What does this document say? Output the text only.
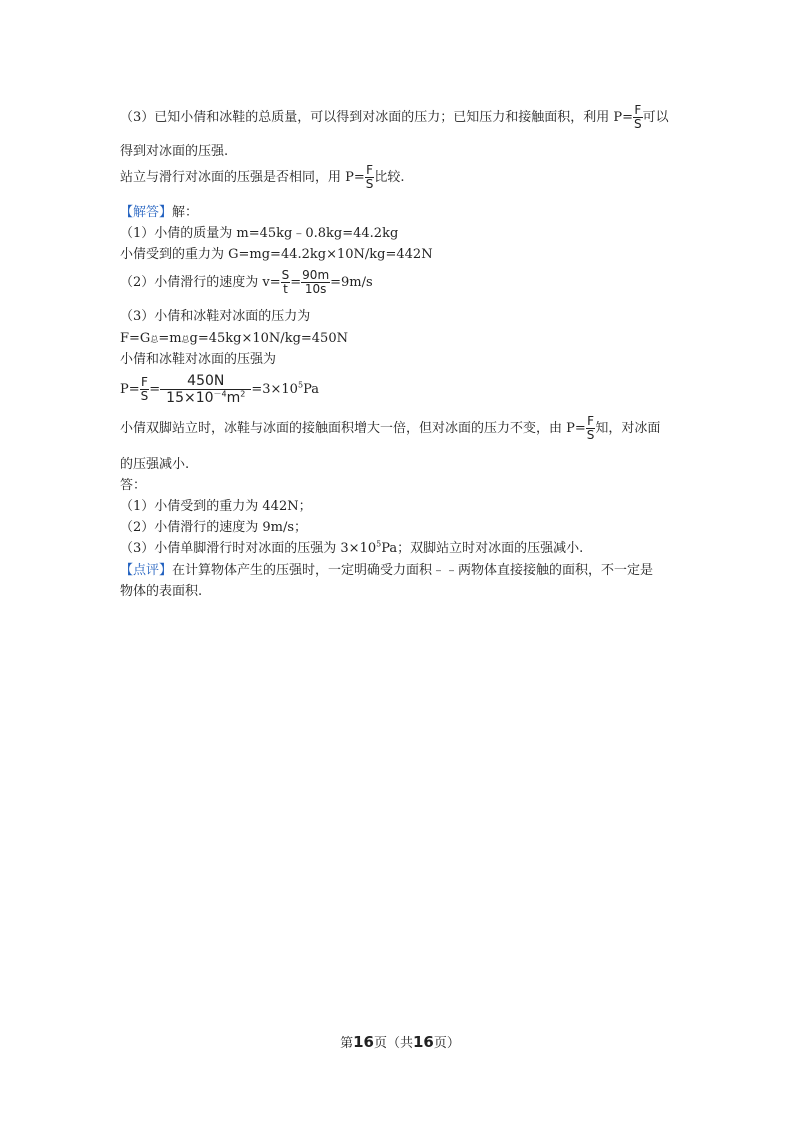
（3）已知小倩和冰鞋的总质量，可以得到对冰面的压力；已知压力和接触面积，利用 $P= \frac{F}{S}$ 可以
得到对冰面的压强.
站立与滑行对冰面的压强是否相同，用 $P= \frac{F}{S}$ 比较.
【解答】解：
（1）小倩的质量为 m=45kg﹣0.8kg=44.2kg
小倩受到的重力为 G=mg=44.2kg×10N/kg=442N
（2）小倩滑行的速度为 $v= \frac{S}{t} = \frac{90m}{10s} =9m/s$
（3）小倩和冰鞋对冰面的压力为
F=G总=m总g=45kg×10N/kg=450N
小倩和冰鞋对冰面的压强为
$P= \frac{F}{S} = \frac{450N}{15\times 10^{-4}m^2} =3\times 10^5Pa$
小倩双脚站立时，冰鞋与冰面的接触面积增大一倍，但对冰面的压力不变，由 $P= \frac{F}{S}$ 知，对冰面
的压强减小.
答：
（1）小倩受到的重力为 442N；
（2）小倩滑行的速度为 9m/s；
（3）小倩单脚滑行时对冰面的压强为 $3\times 10^5Pa$；双脚站立时对冰面的压强减小.
【点评】在计算物体产生的压强时，一定明确受力面积﹣﹣两物体直接接触的面积，不一定是
物体的表面积.
第16页（共16页）
